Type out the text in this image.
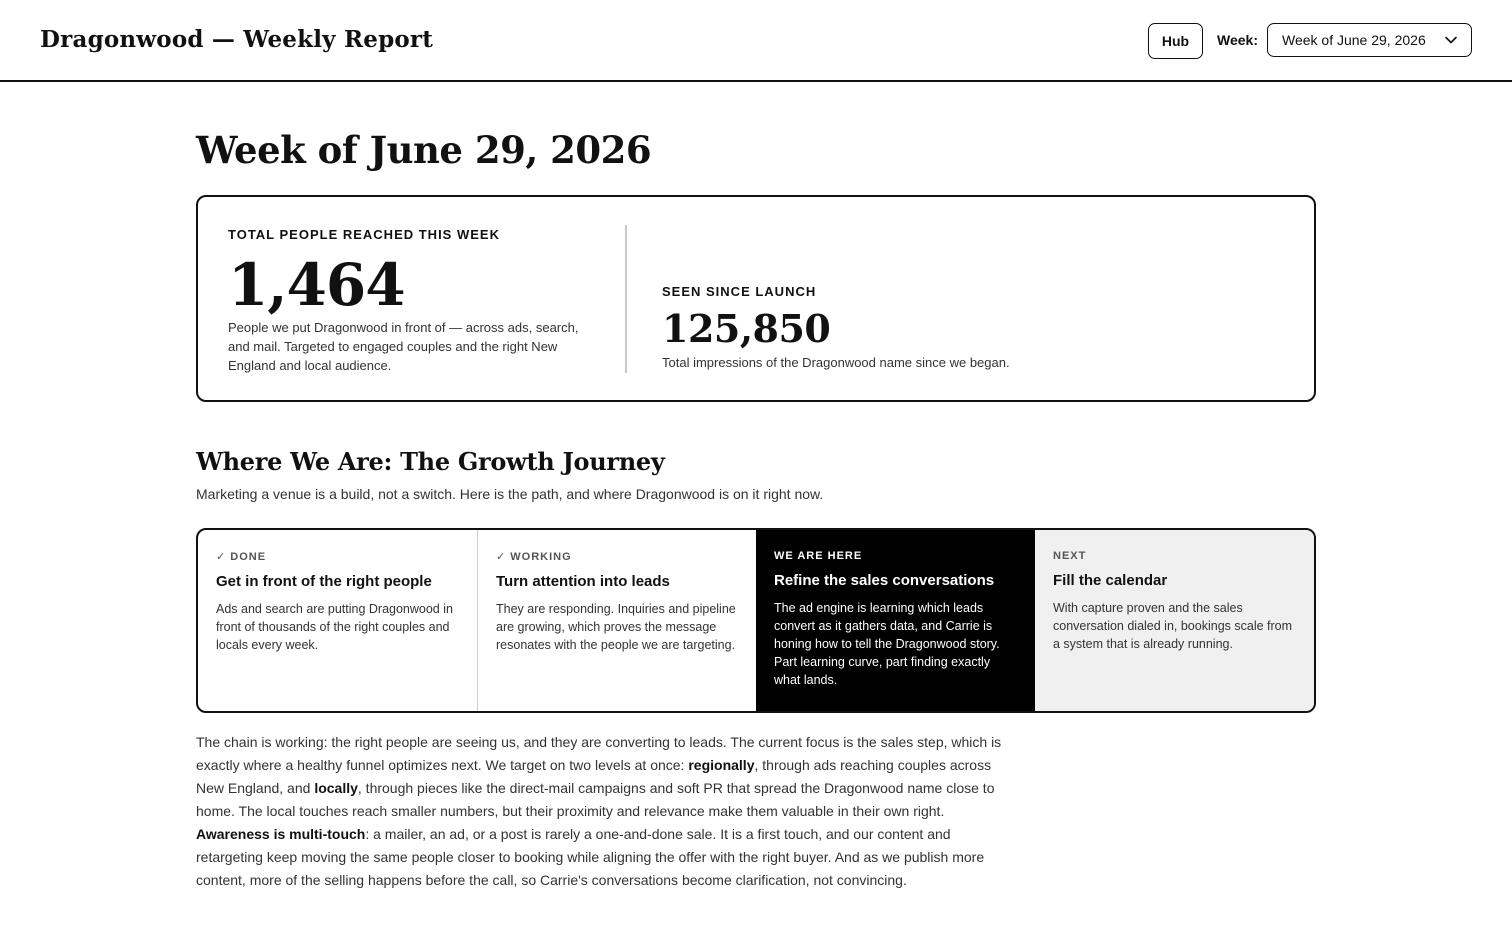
Dragonwood — Weekly Report	Hub	Week: Week of June 29, 2026
Week of June 29, 2026
TOTAL PEOPLE REACHED THIS WEEK
1,464
People we put Dragonwood in front of — across ads, search, and mail. Targeted to engaged couples and the right New England and local audience.
SEEN SINCE LAUNCH
125,850
Total impressions of the Dragonwood name since we began.
Where We Are: The Growth Journey

Marketing a venue is a build, not a switch. Here is the path, and where Dragonwood is on it right now.

✓ DONE
Get in front of the right people
Ads and search are putting Dragonwood in front of thousands of the right couples and locals every week.
✓ WORKING
Turn attention into leads
They are responding. Inquiries and pipeline are growing, which proves the message resonates with the people we are targeting.
WE ARE HERE
Refine the sales conversations
The ad engine is learning which leads convert as it gathers data, and Carrie is honing how to tell the Dragonwood story. Part learning curve, part finding exactly what lands.
NEXT
Fill the calendar
With capture proven and the sales conversation dialed in, bookings scale from a system that is already running.

The chain is working: the right people are seeing us, and they are converting to leads. The current focus is the sales step, which is exactly where a healthy funnel optimizes next. We target on two levels at once: regionally, through ads reaching couples across New England, and locally, through pieces like the direct-mail campaigns and soft PR that spread the Dragonwood name close to home. The local touches reach smaller numbers, but their proximity and relevance make them valuable in their own right. Awareness is multi-touch: a mailer, an ad, or a post is rarely a one-and-done sale. It is a first touch, and our content and retargeting keep moving the same people closer to booking while aligning the offer with the right buyer. And as we publish more content, more of the selling happens before the call, so Carrie's conversations become clarification, not convincing.
